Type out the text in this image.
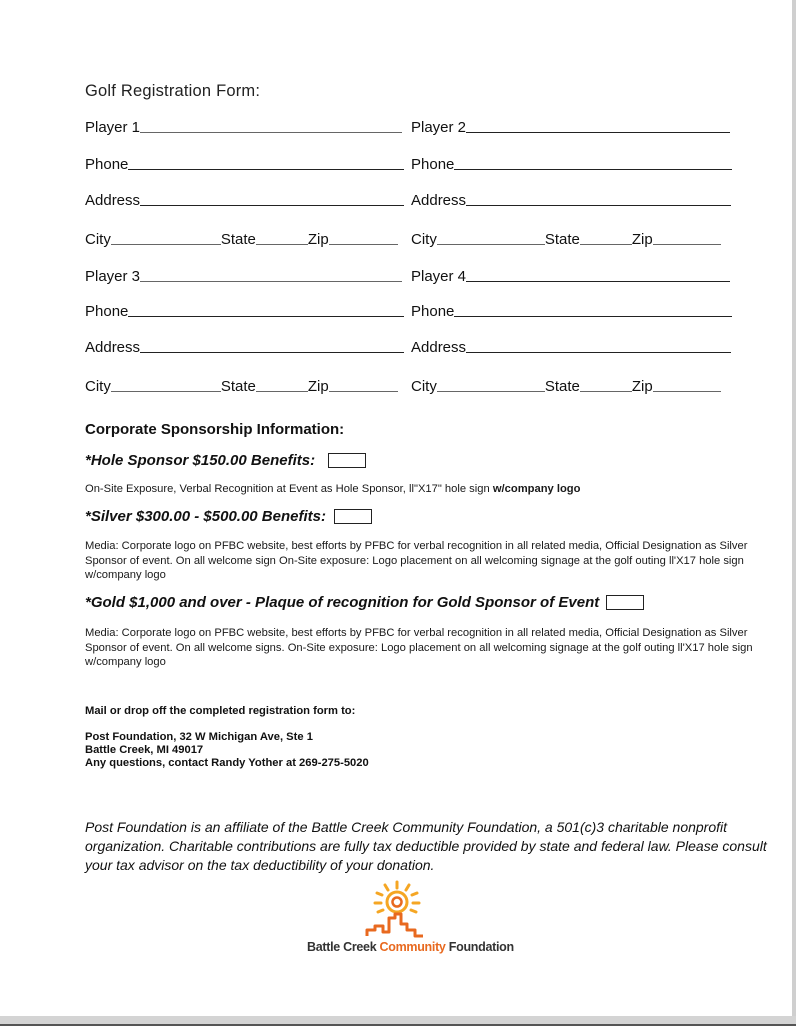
Golf Registration Form:
Player 1	Player 2
Phone	Phone
Address	Address
City	State	Zip	City	State	Zip
Player 3	Player 4
Phone	Phone
Address	Address
City	State	Zip	City	State	Zip
Corporate Sponsorship Information:
*Hole Sponsor $150.00 Benefits:
On-Site Exposure, Verbal Recognition at Event as Hole Sponsor, ll"X17" hole sign w/company logo
*Silver $300.00 - $500.00 Benefits:
Media: Corporate logo on PFBC website, best efforts by PFBC for verbal recognition in all related media, Official Designation as Silver Sponsor of event. On all welcome sign On-Site exposure: Logo placement on all welcoming signage at the golf outing ll'X17 hole sign w/company logo
*Gold $1,000 and over - Plaque of recognition for Gold Sponsor of Event
Media: Corporate logo on PFBC website, best efforts by PFBC for verbal recognition in all related media, Official Designation as Silver Sponsor of event. On all welcome signs. On-Site exposure: Logo placement on all welcoming signage at the golf outing ll'X17 hole sign w/company logo
Mail or drop off the completed registration form to:
Post Foundation, 32 W Michigan Ave, Ste 1
Battle Creek, MI 49017
Any questions, contact Randy Yother at 269-275-5020
Post Foundation is an affiliate of the Battle Creek Community Foundation, a 501(c)3 charitable nonprofit organization. Charitable contributions are fully tax deductible provided by state and federal law. Please consult your tax advisor on the tax deductibility of your donation.
Battle Creek Community Foundation
